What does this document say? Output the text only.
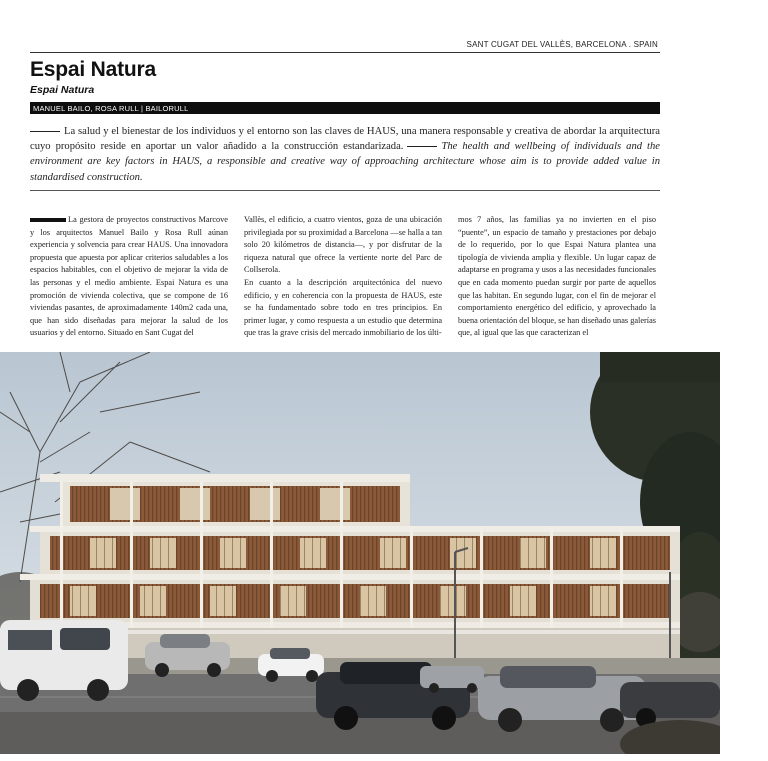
SANT CUGAT DEL VALLÈS, BARCELONA . SPAIN
Espai Natura
Espai Natura
MANUEL BAILO, ROSA RULL | BAILORULL
La salud y el bienestar de los individuos y el entorno son las claves de HAUS, una manera responsable y creativa de abordar la arquitectura cuyo propósito reside en aportar un valor añadido a la construcción estandarizada.	The health and wellbeing of individuals and the environment are key factors in HAUS, a responsible and creative way of approaching architecture whose aim is to provide added value in standardised construction.

La gestora de proyectos constructivos Marcove y los arquitectos Manuel Bailo y Rosa Rull aúnan experiencia y solvencia para crear HAUS. Una innovadora propuesta que apuesta por aplicar criterios saludables a los espacios habitables, con el objetivo de mejorar la vida de las personas y el medio ambiente. Espai Natura es una promoción de vivienda colectiva, que se compone de 16 viviendas pasantes, de aproximadamente 140m2 cada una, que han sido diseñadas para mejorar la salud de los usuarios y del entorno. Situado en Sant Cugat del

Vallès, el edificio, a cuatro vientos, goza de una ubicación privilegiada por su proximidad a Barcelona —se halla a tan solo 20 kilómetros de distancia—, y por disfrutar de la riqueza natural que ofrece la vertiente norte del Parc de Collserola.

En cuanto a la descripción arquitectónica del nuevo edificio, y en coherencia con la propuesta de HAUS, este se ha fundamentado sobre todo en tres principios. En primer lugar, y como respuesta a un estudio que determina que tras la grave crisis del mercado inmobiliario de los últi-

mos 7 años, las familias ya no invierten en el piso “puente”, un espacio de tamaño y prestaciones por debajo de lo requerido, por lo que Espai Natura plantea una tipología de vivienda amplia y flexible. Un lugar capaz de adaptarse en programa y usos a las necesidades funcionales que en cada momento puedan surgir por parte de aquellos que las habitan. En segundo lugar, con el fin de mejorar el comportamiento energético del edificio, y aprovechado la buena orientación del bloque, se han diseñado unas galerías que, al igual que las que caracterizan el
